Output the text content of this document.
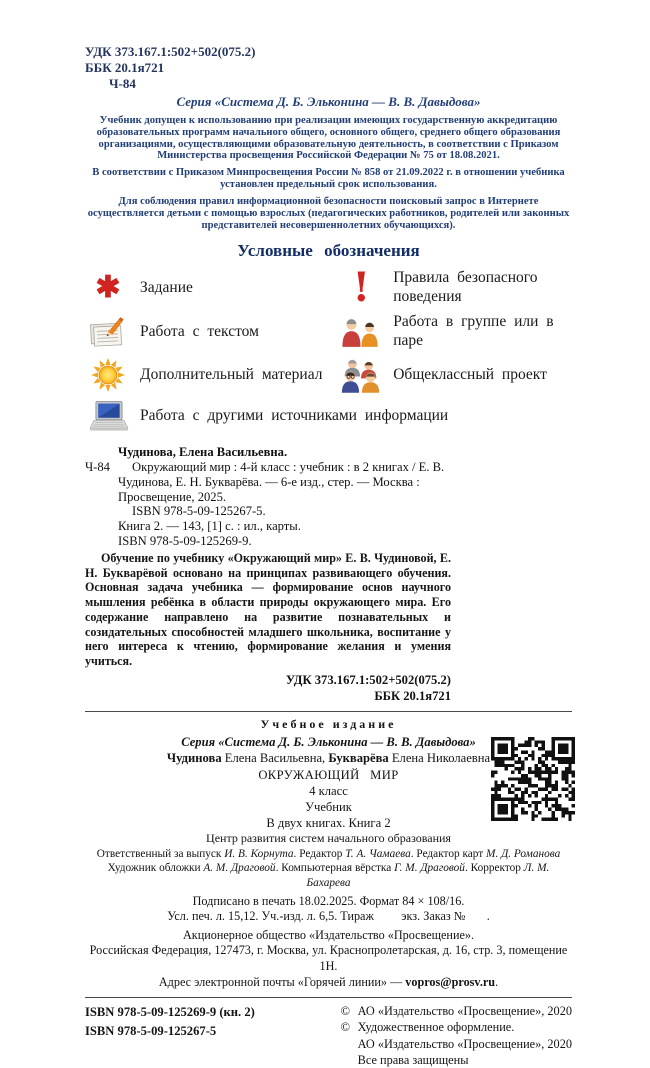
УДК 373.167.1:502+502(075.2)
ББК 20.1я721
Ч-84
Серия «Система Д. Б. Эльконина — В. В. Давыдова»
Учебник допущен к использованию при реализации имеющих государственную аккредитацию образовательных программ начального общего, основного общего, среднего общего образования организациями, осуществляющими образовательную деятельность, в соответствии с Приказом Министерства просвещения Российской Федерации № 75 от 18.08.2021.
В соответствии с Приказом Минпросвещения России № 858 от 21.09.2022 г. в отношении учебника установлен предельный срок использования.
Для соблюдения правил информационной безопасности поисковый запрос в Интернете осуществляется детьми с помощью взрослых (педагогических работников, родителей или законных представителей несовершеннолетних обучающихся).
Условные обозначения
✱	Задание	!	Правила безопасного поведения
Работа с текстом
Работа в группе или в паре
Дополнительный материал	Общеклассный проект
Работа с другими источниками информации
Чудинова, Елена Васильевна.
Ч-84 Окружающий мир : 4-й класс : учебник : в 2 книгах / Е. В. Чудинова, Е. Н. Букварёва. — 6-е изд., стер. — Москва : Просвещение, 2025.
ISBN 978-5-09-125267-5.
Книга 2. — 143, [1] с. : ил., карты.
ISBN 978-5-09-125269-9.
Обучение по учебнику «Окружающий мир» Е. В. Чудиновой, Е. Н. Букварёвой основано на принципах развивающего обучения. Основная задача учебника — формирование основ научного мышления ребёнка в области природы окружающего мира. Его содержание направлено на развитие познавательных и созидательных способностей младшего школьника, воспитание у него интереса к чтению, формирование желания и умения учиться.
УДК 373.167.1:502+502(075.2)
ББК 20.1я721
Учебное издание
Серия «Система Д. Б. Эльконина — В. В. Давыдова»
Чудинова Елена Васильевна, Букварёва Елена Николаевна
ОКРУЖАЮЩИЙ МИР
4 класс
Учебник
В двух книгах. Книга 2
Центр развития систем начального образования
Ответственный за выпуск И. В. Корнута. Редактор Т. А. Чамаева. Редактор карт М. Д. Романова
Художник обложки А. М. Драговой. Компьютерная вёрстка Г. М. Драговой. Корректор Л. М. Бахарева
Подписано в печать 18.02.2025. Формат 84 × 108/16.
Усл. печ. л. 15,12. Уч.-изд. л. 6,5. Тираж         экз. Заказ №       .
Акционерное общество «Издательство «Просвещение».
Российская Федерация, 127473, г. Москва, ул. Краснопролетарская, д. 16, стр. 3, помещение 1Н.
Адрес электронной почты «Горячей линии» — vopros@prosv.ru.
ISBN 978-5-09-125269-9 (кн. 2)
ISBN 978-5-09-125267-5
© АО «Издательство «Просвещение», 2020
© Художественное оформление.
АО «Издательство «Просвещение», 2020
Все права защищены
